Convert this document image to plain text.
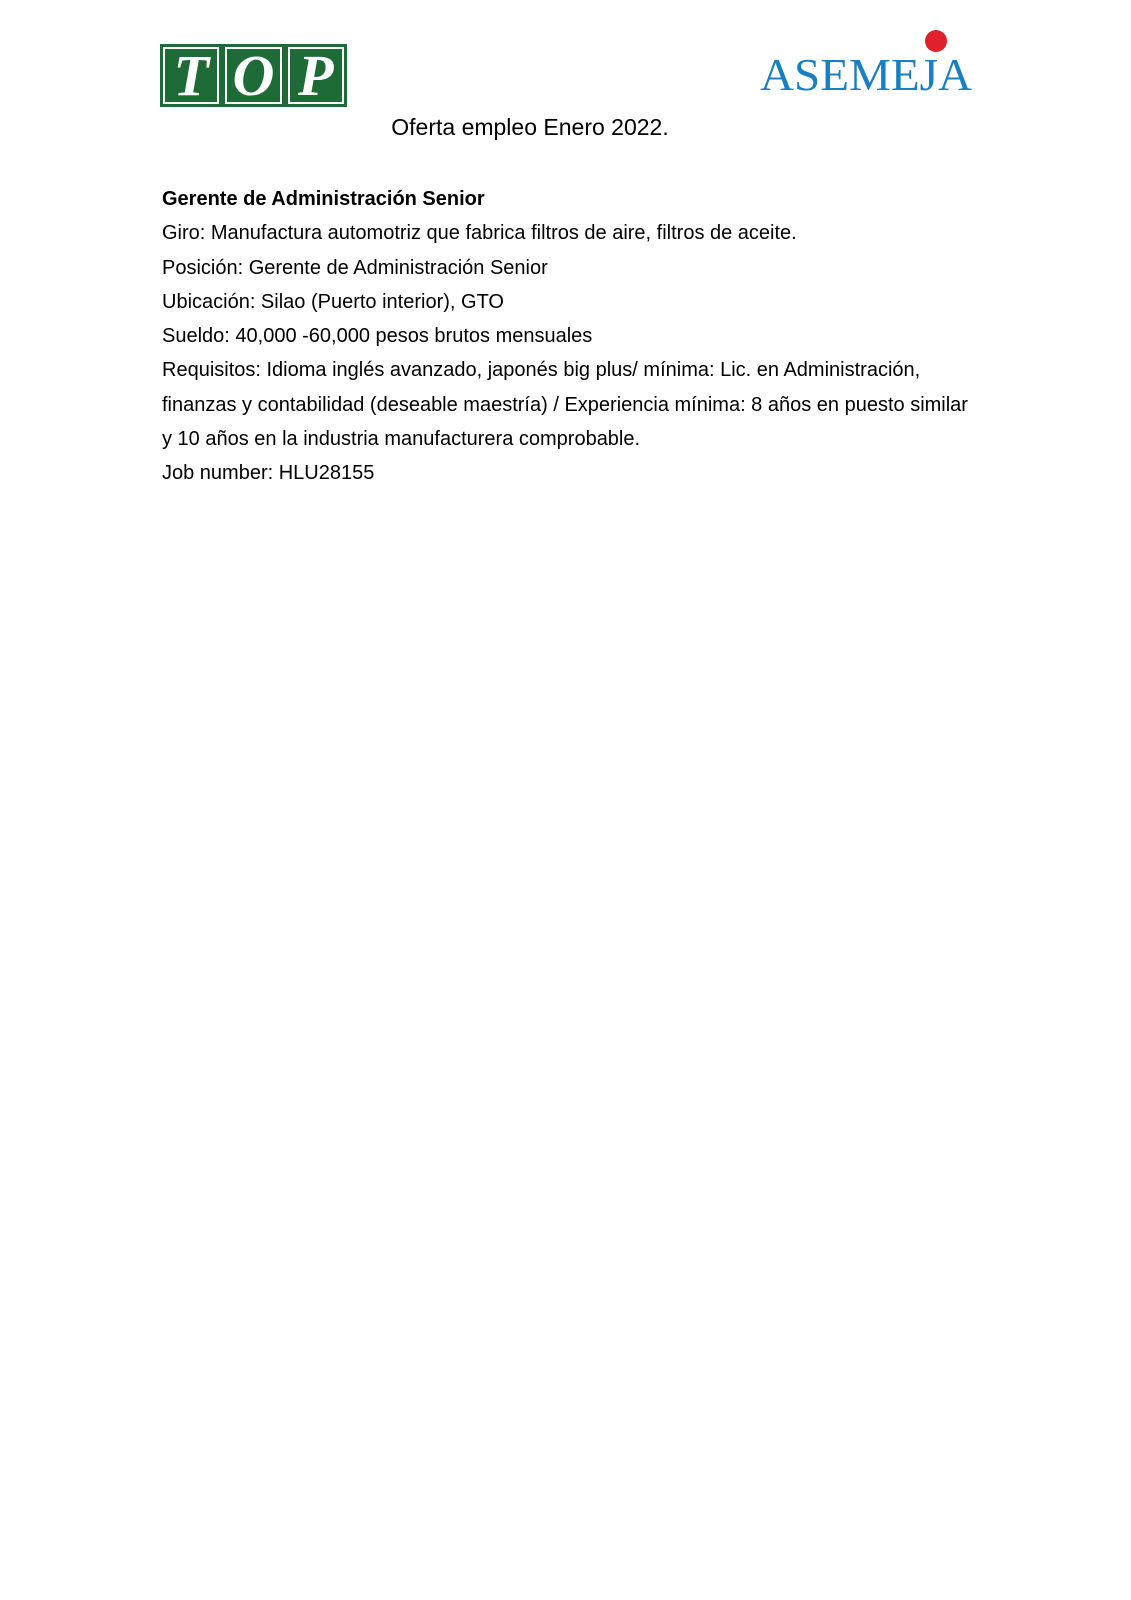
T O P	ASEMEJA
Oferta empleo Enero 2022.

Gerente de Administración Senior

Giro: Manufactura automotriz que fabrica filtros de aire, filtros de aceite.

Posición: Gerente de Administración Senior

Ubicación: Silao (Puerto interior), GTO

Sueldo: 40,000 -60,000 pesos brutos mensuales

Requisitos: Idioma inglés avanzado, japonés big plus/ mínima: Lic. en Administración, finanzas y contabilidad (deseable maestría) / Experiencia mínima: 8 años en puesto similar y 10 años en la industria manufacturera comprobable.

Job number: HLU28155
